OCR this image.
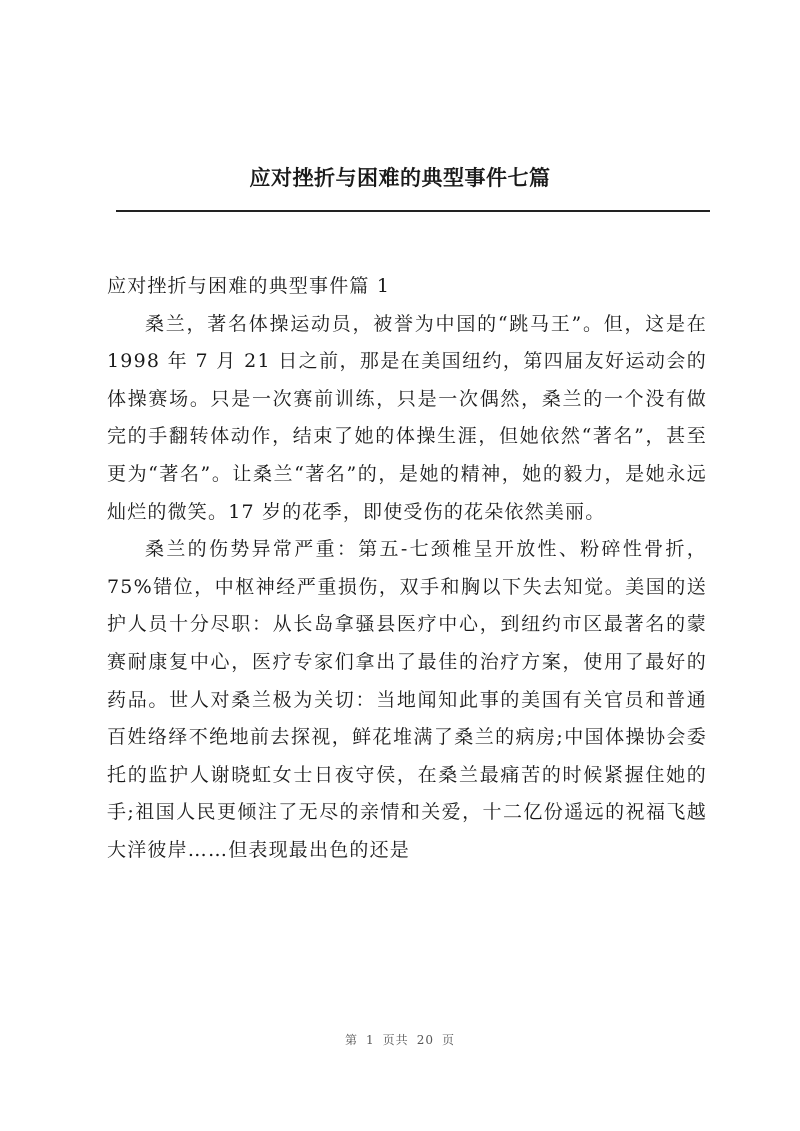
应对挫折与困难的典型事件七篇

应对挫折与困难的典型事件篇 1

桑兰，著名体操运动员，被誉为中国的“跳马王”。但，这是在 1998 年 7 月 21 日之前，那是在美国纽约，第四届友好运动会的体操赛场。只是一次赛前训练，只是一次偶然，桑兰的一个没有做完的手翻转体动作，结束了她的体操生涯，但她依然“著名”，甚至更为“著名”。让桑兰“著名”的，是她的精神，她的毅力，是她永远灿烂的微笑。17 岁的花季，即使受伤的花朵依然美丽。

桑兰的伤势异常严重：第五-七颈椎呈开放性、粉碎性骨折，75%错位，中枢神经严重损伤，双手和胸以下失去知觉。美国的送护人员十分尽职：从长岛拿骚县医疗中心，到纽约市区最著名的蒙赛耐康复中心，医疗专家们拿出了最佳的治疗方案，使用了最好的药品。世人对桑兰极为关切：当地闻知此事的美国有关官员和普通百姓络绎不绝地前去探视，鲜花堆满了桑兰的病房;中国体操协会委托的监护人谢晓虹女士日夜守侯，在桑兰最痛苦的时候紧握住她的手;祖国人民更倾注了无尽的亲情和关爱，十二亿份遥远的祝福飞越大洋彼岸……但表现最出色的还是

第 1 页共 20 页
